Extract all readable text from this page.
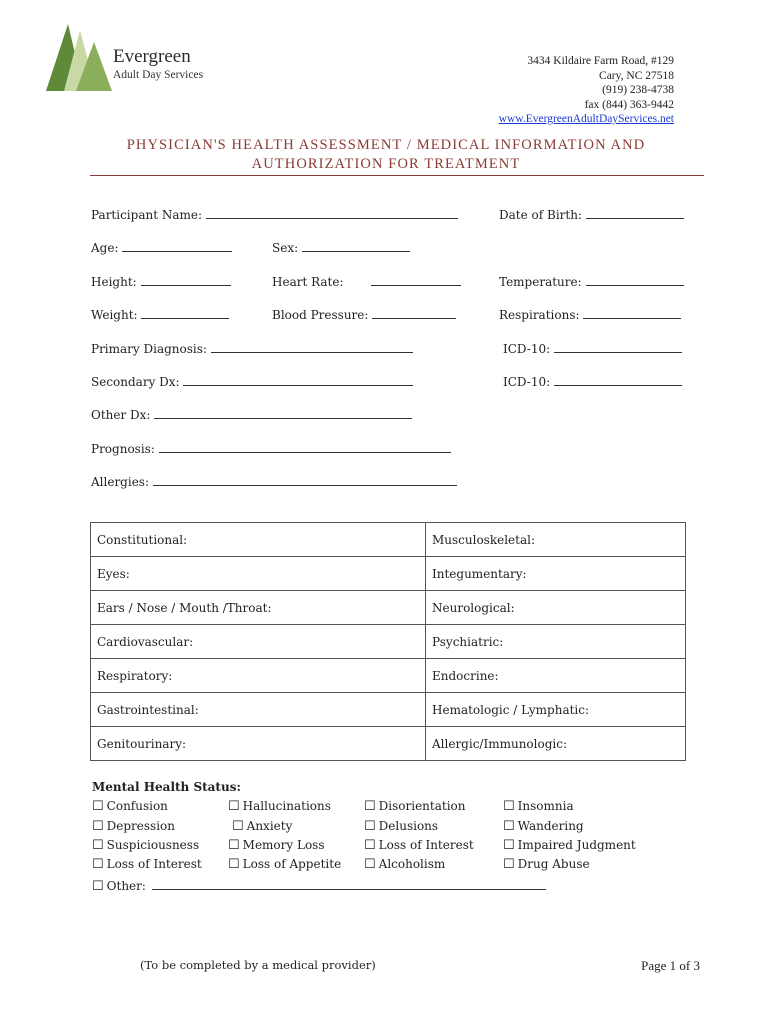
Evergreen
Adult Day Services
3434 Kildaire Farm Road, #129
Cary, NC 27518
(919) 238-4738
fax (844) 363-9442
www.EvergreenAdultDayServices.net
PHYSICIAN'S HEALTH ASSESSMENT / MEDICAL INFORMATION AND
AUTHORIZATION FOR TREATMENT
Participant Name:	Date of Birth:
Age:	Sex:
Height:	Heart Rate:	Temperature:
Weight:	Blood Pressure:	Respirations:
Primary Diagnosis:	ICD-10:
Secondary Dx:	ICD-10:
Other Dx:
Prognosis:
Allergies:
Constitutional:	Musculoskeletal:
Eyes:	Integumentary:
Ears / Nose / Mouth /Throat:	Neurological:
Cardiovascular:	Psychiatric:
Respiratory:	Endocrine:
Gastrointestinal:	Hematologic / Lymphatic:
Genitourinary:	Allergic/Immunologic:
Mental Health Status:
☐ Confusion
☐ Depression
☐ Suspiciousness
☐ Loss of Interest
☐ Hallucinations
☐ Anxiety
☐ Memory Loss
☐ Loss of Appetite
☐ Disorientation
☐ Delusions
☐ Loss of Interest
☐ Alcoholism
☐ Insomnia
☐ Wandering
☐ Impaired Judgment
☐ Drug Abuse
☐ Other:
(To be completed by a medical provider)	Page 1 of 3
